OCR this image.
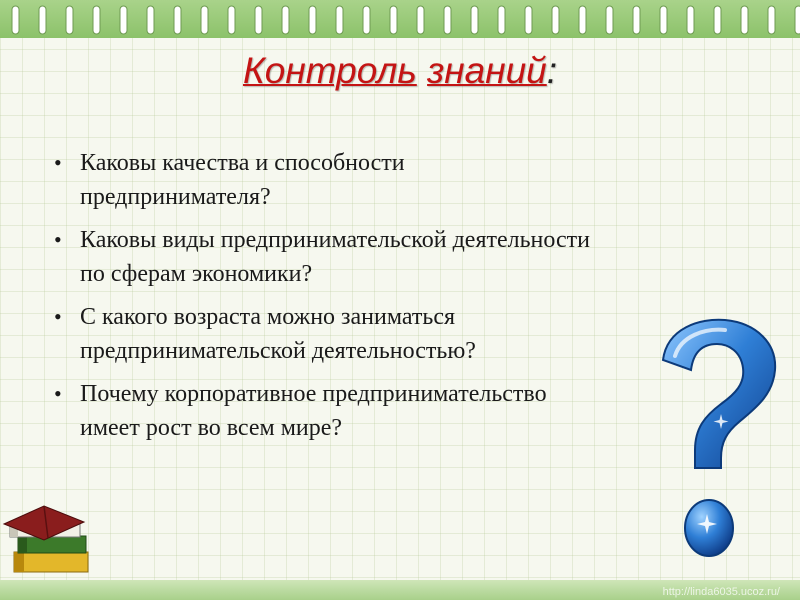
Контроль знаний:
• Каковы качества и способности
предпринимателя?
• Каковы виды предпринимательской деятельности
по сферам экономики?
• С какого возраста можно заниматься
предпринимательской деятельностью?
• Почему корпоративное предпринимательство
имеет рост во всем мире?
http://linda6035.ucoz.ru/
